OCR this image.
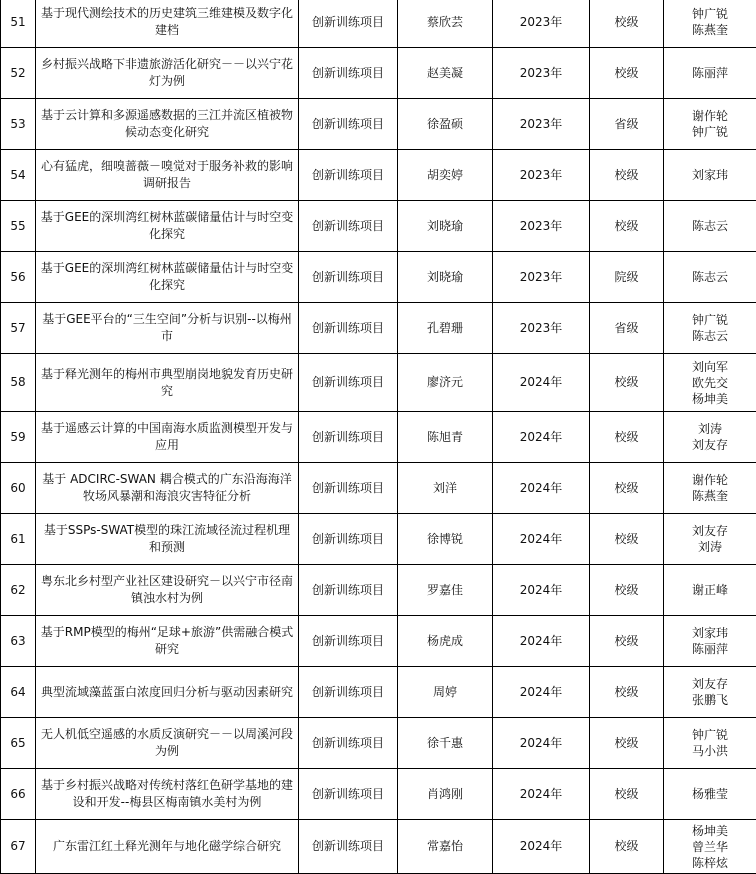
51	基于现代测绘技术的历史建筑三维建模及数字化建档	创新训练项目	蔡欣芸	2023年	校级	钟广锐
陈燕奎

52	乡村振兴战略下非遗旅游活化研究－－以兴宁花灯为例	创新训练项目	赵美凝	2023年	校级	陈丽萍

53	基于云计算和多源遥感数据的三江并流区植被物候动态变化研究	创新训练项目	徐盈硕	2023年	省级	谢作轮
钟广锐

54	心有猛虎，细嗅蔷薇－嗅觉对于服务补救的影响调研报告	创新训练项目	胡奕婷	2023年	校级	刘家玮

55	基于GEE的深圳湾红树林蓝碳储量估计与时空变化探究	创新训练项目	刘晓瑜	2023年	校级	陈志云

56	基于GEE的深圳湾红树林蓝碳储量估计与时空变化探究	创新训练项目	刘晓瑜	2023年	院级	陈志云

57	基于GEE平台的“三生空间”分析与识别--以梅州市	创新训练项目	孔碧珊	2023年	省级	钟广锐
陈志云

58	基于释光测年的梅州市典型崩岗地貌发育历史研究	创新训练项目	廖济元	2024年	校级	刘向军
欧先交
杨坤美

59	基于遥感云计算的中国南海水质监测模型开发与应用	创新训练项目	陈旭青	2024年	校级	刘涛
刘友存

60	基于 ADCIRC-SWAN 耦合模式的广东沿海海洋牧场风暴潮和海浪灾害特征分析	创新训练项目	刘洋	2024年	校级	谢作轮
陈燕奎

61	基于SSPs-SWAT模型的珠江流域径流过程机理和预测	创新训练项目	徐博锐	2024年	校级	刘友存
刘涛

62	粤东北乡村型产业社区建设研究－以兴宁市径南镇浊水村为例	创新训练项目	罗嘉佳	2024年	校级	谢正峰

63	基于RMP模型的梅州“足球+旅游”供需融合模式研究	创新训练项目	杨虎成	2024年	校级	刘家玮
陈丽萍

64	典型流域藻蓝蛋白浓度回归分析与驱动因素研究	创新训练项目	周婷	2024年	校级	刘友存
张鹏飞

65	无人机低空遥感的水质反演研究－－以周溪河段为例	创新训练项目	徐千惠	2024年	校级	钟广锐
马小洪

66	基于乡村振兴战略对传统村落红色研学基地的建设和开发--梅县区梅南镇水美村为例	创新训练项目	肖鸿刚	2024年	校级	杨雅莹

67	广东雷江红土释光测年与地化磁学综合研究	创新训练项目	常嘉怡	2024年	校级	杨坤美
曾兰华
陈梓炫
